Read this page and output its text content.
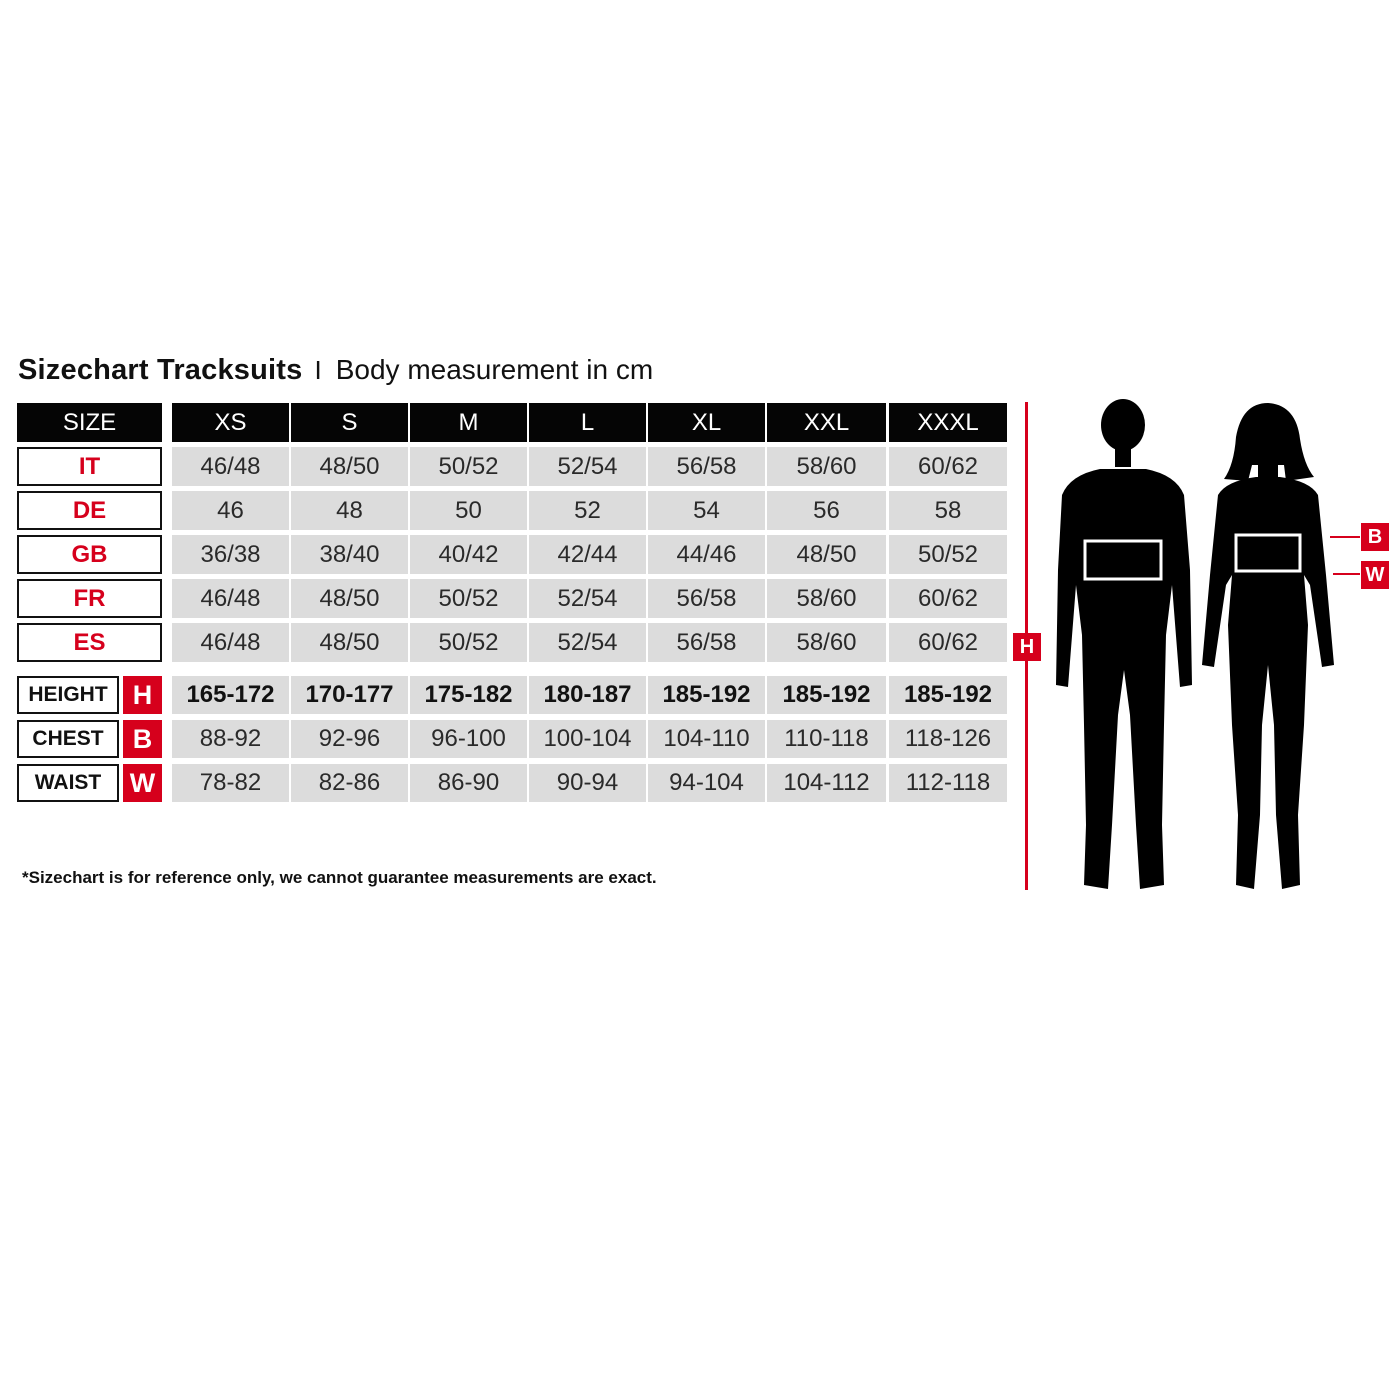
Sizechart Tracksuits I Body measurement in cm
SIZE	XS	S	M	L	XL	XXL	XXXL
IT	46/48	48/50	50/52	52/54	56/58	58/60	60/62
DE	46	48	50	52	54	56	58
GB	36/38	38/40	40/42	42/44	44/46	48/50	50/52
FR	46/48	48/50	50/52	52/54	56/58	58/60	60/62
ES	46/48	48/50	50/52	52/54	56/58	58/60	60/62
HEIGHT H	165-172	170-177	175-182	180-187	185-192	185-192	185-192
CHEST	B	88-92	92-96	96-100	100-104	104-110	110-118	118-126
WAIST	W	78-82	82-86	86-90	90-94	94-104	104-112	112-118
*Sizechart is for reference only, we cannot guarantee measurements are exact.
H
B
W
